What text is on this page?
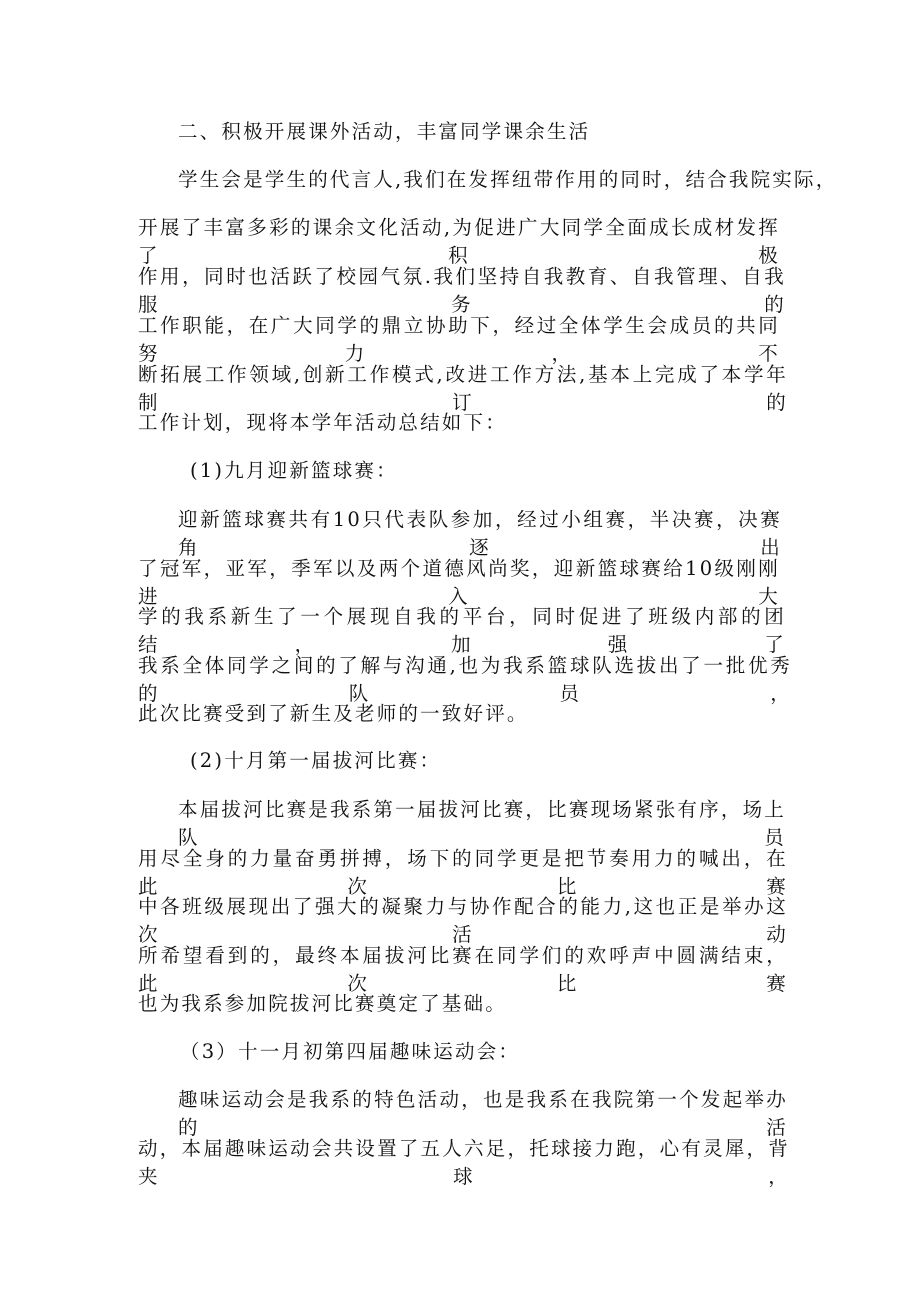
二、积极开展课外活动，丰富同学课余生活
学生会是学生的代言人,我们在发挥纽带作用的同时，结合我院实际，
开展了丰富多彩的课余文化活动,为促进广大同学全面成长成材发挥了积极
作用，同时也活跃了校园气氛.我们坚持自我教育、自我管理、自我服务的
工作职能，在广大同学的鼎立协助下，经过全体学生会成员的共同努力，不
断拓展工作领域,创新工作模式,改进工作方法,基本上完成了本学年制订的
工作计划，现将本学年活动总结如下：
(1)九月迎新篮球赛：
迎新篮球赛共有10只代表队参加，经过小组赛，半决赛，决赛角逐出
了冠军，亚军，季军以及两个道德风尚奖，迎新篮球赛给10级刚刚进入大
学的我系新生了一个展现自我的平台，同时促进了班级内部的团结，加强了
我系全体同学之间的了解与沟通,也为我系篮球队选拔出了一批优秀的队员，
此次比赛受到了新生及老师的一致好评。
(2)十月第一届拔河比赛：
本届拔河比赛是我系第一届拔河比赛，比赛现场紧张有序，场上队员
用尽全身的力量奋勇拼搏，场下的同学更是把节奏用力的喊出，在此次比赛
中各班级展现出了强大的凝聚力与协作配合的能力,这也正是举办这次活动
所希望看到的，最终本届拔河比赛在同学们的欢呼声中圆满结束，此次比赛
也为我系参加院拔河比赛奠定了基础。
（3）十一月初第四届趣味运动会：
趣味运动会是我系的特色活动，也是我系在我院第一个发起举办的活
动，本届趣味运动会共设置了五人六足，托球接力跑，心有灵犀，背夹球，
